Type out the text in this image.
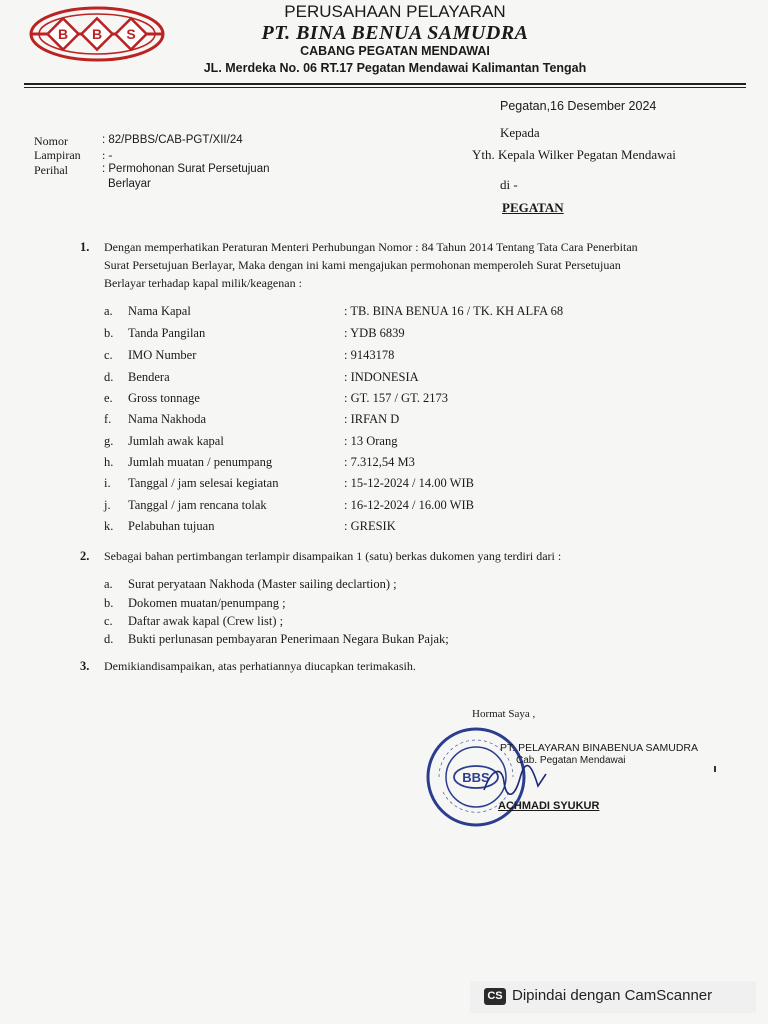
B B S
PERUSAHAAN PELAYARAN
PT. BINA BENUA SAMUDRA
CABANG PEGATAN MENDAWAI
JL. Merdeka No. 06 RT.17 Pegatan Mendawai Kalimantan Tengah
Pegatan,16 Desember 2024
Kepada
Yth. Kepala Wilker Pegatan Mendawai
di -
PEGATAN
Nomor	: 82/PBBS/CAB-PGT/XII/24
Lampiran : -
Perihal	: Permohonan Surat Persetujuan
Berlayar
1. Dengan memperhatikan Peraturan Menteri Perhubungan Nomor : 84 Tahun 2014 Tentang Tata Cara Penerbitan
Surat Persetujuan Berlayar, Maka dengan ini kami mengajukan permohonan memperoleh Surat Persetujuan
Berlayar terhadap kapal milik/keagenan :
a. Nama Kapal	: TB. BINA BENUA 16 / TK. KH ALFA 68
b. Tanda Pangilan	: YDB 6839
c. IMO Number	: 9143178
d. Bendera	: INDONESIA
e. Gross tonnage	: GT. 157 / GT. 2173
f. Nama Nakhoda	: IRFAN D
g. Jumlah awak kapal	: 13 Orang
h. Jumlah muatan / penumpang	: 7.312,54 M3
i. Tanggal / jam selesai kegiatan	: 15-12-2024 / 14.00 WIB
j. Tanggal / jam rencana tolak	: 16-12-2024 / 16.00 WIB
k. Pelabuhan tujuan	: GRESIK
2. Sebagai bahan pertimbangan terlampir disampaikan 1 (satu) berkas dukomen yang terdiri dari :
a. Surat peryataan Nakhoda (Master sailing declartion) ;
b. Dokomen muatan/penumpang ;
c. Daftar awak kapal (Crew list) ;
d. Bukti perlunasan pembayaran Penerimaan Negara Bukan Pajak;
3. Demikiandisampaikan, atas perhatiannya diucapkan terimakasih.
Hormat Saya ,
BBS
PT. PELAYARAN BINABENUA SAMUDRA
Cab. Pegatan Mendawai
ACHMADI SYUKUR
CS Dipindai dengan CamScanner
